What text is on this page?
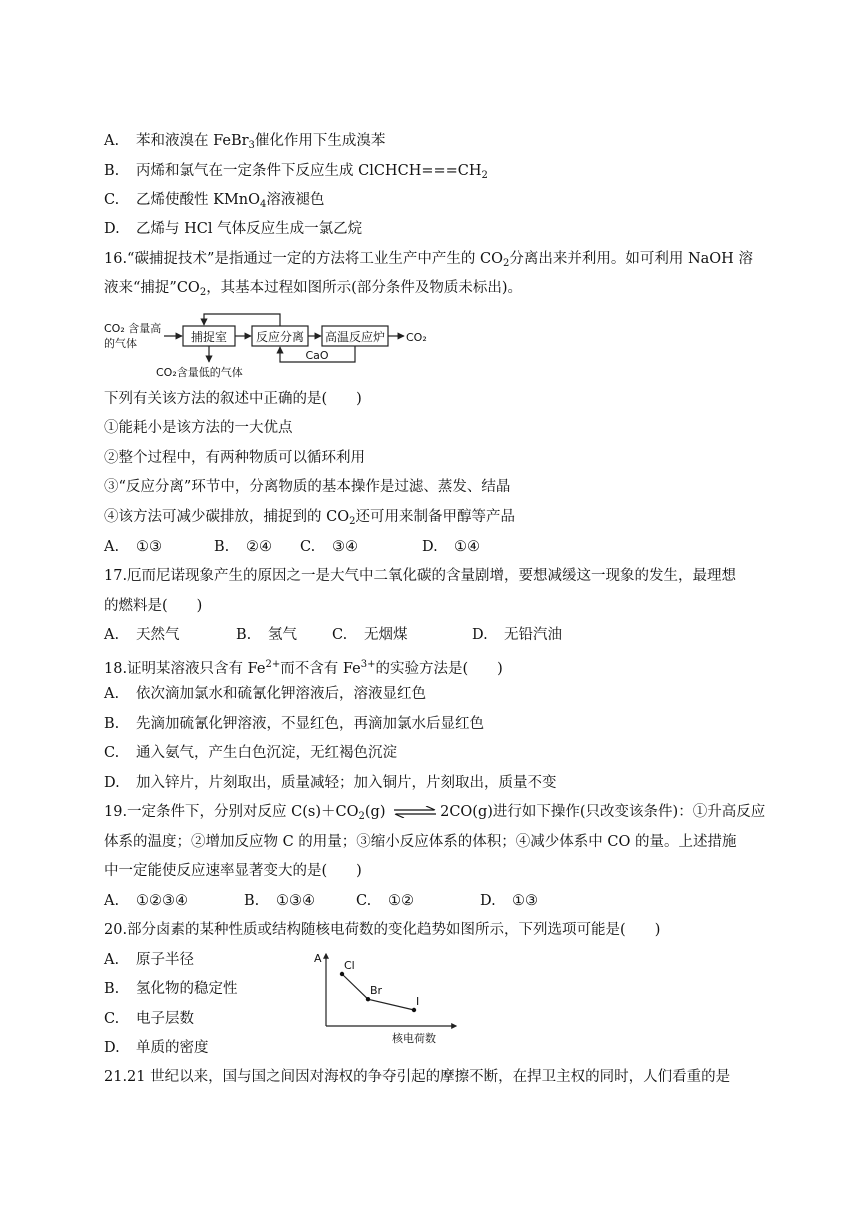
A. 苯和液溴在 FeBr$_3$催化作用下生成溴苯
B. 丙烯和氯气在一定条件下反应生成 $ClCHCH===CH_2$
C. 乙烯使酸性 KMnO$_4$溶液褪色
D. 乙烯与 HCl 气体反应生成一氯乙烷
16.“碳捕捉技术”是指通过一定的方法将工业生产中产生的 $CO_2$分离出来并利用。如可利用 NaOH 溶
液来“捕捉$”CO_2$，其基本过程如图所示(部分条件及物质未标出)。
CO₂ 含量高
的气体	捕捉室 反应分离 高温反应炉 CO₂
CaO
CO₂含量低的气体
下列有关该方法的叙述中正确的是(　　)
①能耗小是该方法的一大优点
②整个过程中，有两种物质可以循环利用
③“反应分离”环节中，分离物质的基本操作是过滤、蒸发、结晶
④该方法可减少碳排放，捕捉到的 $CO_2$还可用来制备甲醇等产品
A. ①③	B. ②④ C. ③④	D. ①④
17.厄而尼诺现象产生的原因之一是大气中二氧化碳的含量剧增，要想减缓这一现象的发生，最理想
的燃料是(　　)
A. 天然气	B. 氢气 C. 无烟煤	D. 无铅汽油
18.证明某溶液只含有 $Fe^{2+}$而不含有 $Fe^{3+}$的实验方法是(　　)
A. 依次滴加氯水和硫氰化钾溶液后，溶液显红色
B. 先滴加硫氰化钾溶液，不显红色，再滴加氯水后显红色
C. 通入氨气，产生白色沉淀，无红褐色沉淀
D. 加入锌片，片刻取出，质量减轻；加入铜片，片刻取出，质量不变
19.一定条件下，分别对反应 $C(s)+CO_2(g)$ ⇌ 2CO(g)进行如下操作(只改变该条件)：①升高反应
体系的温度；②增加反应物 C 的用量；③缩小反应体系的体积；④减少体系中 CO 的量。上述措施
中一定能使反应速率显著变大的是(　　)
A. ①②③④	B. ①③④	C. ①②	D. ①③
20.部分卤素的某种性质或结构随核电荷数的变化趋势如图所示，下列选项可能是(　　)
A. 原子半径
B. 氢化物的稳定性
C. 电子层数
D. 单质的密度
A
核电荷数
Cl
Br
I
21.21 世纪以来，国与国之间因对海权的争夺引起的摩擦不断，在捍卫主权的同时，人们看重的是
